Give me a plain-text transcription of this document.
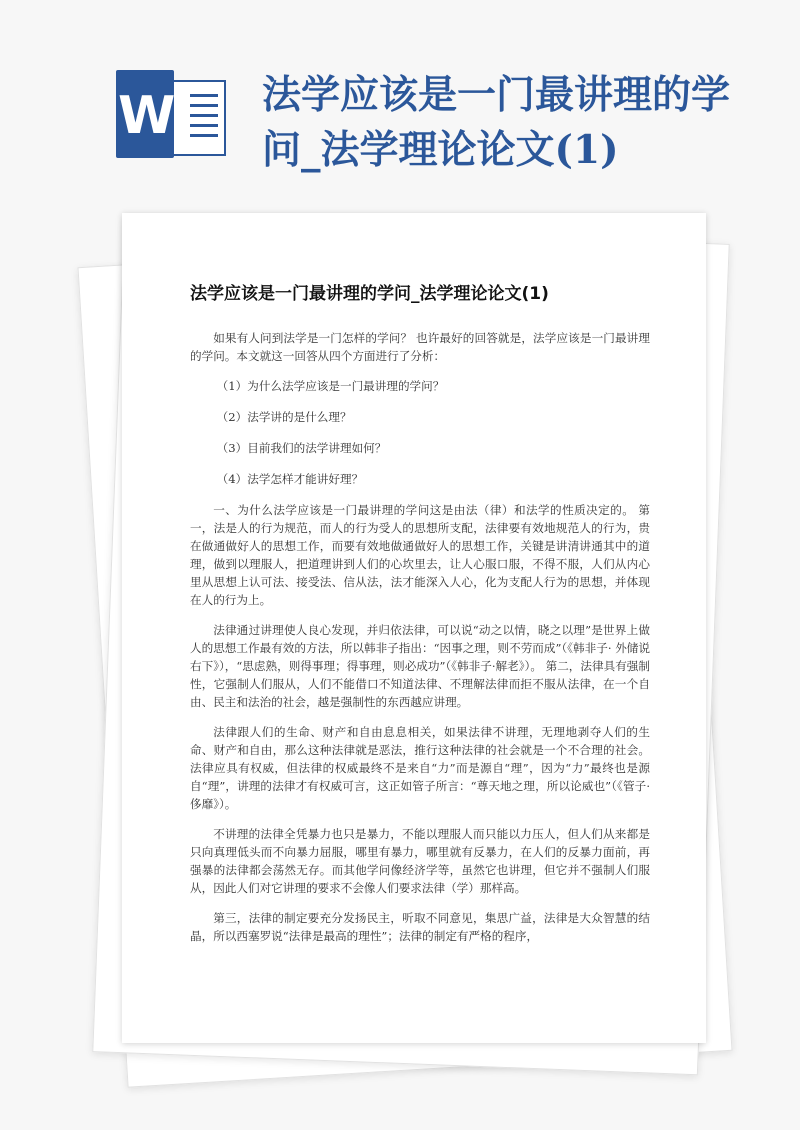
W 法学应该是一门最讲理的学问_法学理论论文(1)
法学应该是一门最讲理的学问_法学理论论文(1)

如果有人问到法学是一门怎样的学问？ 也许最好的回答就是，法学应该是一门最讲理的学问。本文就这一回答从四个方面进行了分析：

（1）为什么法学应该是一门最讲理的学问？

（2）法学讲的是什么理？

（3）目前我们的法学讲理如何？

（4）法学怎样才能讲好理？

一、为什么法学应该是一门最讲理的学问这是由法（律）和法学的性质决定的。 第一，法是人的行为规范，而人的行为受人的思想所支配，法律要有效地规范人的行为，贵在做通做好人的思想工作，而要有效地做通做好人的思想工作，关键是讲清讲通其中的道理，做到以理服人，把道理讲到人们的心坎里去，让人心服口服，不得不服，人们从内心里从思想上认可法、接受法、信从法，法才能深入人心，化为支配人行为的思想，并体现在人的行为上。

法律通过讲理使人良心发现，并归依法律，可以说“动之以情，晓之以理”是世界上做人的思想工作最有效的方法，所以韩非子指出：“因事之理，则不劳而成”（《韩非子· 外储说右下》），“思虑熟，则得事理；得事理，则必成功”（《韩非子·解老》）。 第二，法律具有强制性，它强制人们服从，人们不能借口不知道法律、不理解法律而拒不服从法律，在一个自由、民主和法治的社会，越是强制性的东西越应讲理。

法律跟人们的生命、财产和自由息息相关，如果法律不讲理，无理地剥夺人们的生命、财产和自由，那么这种法律就是恶法，推行这种法律的社会就是一个不合理的社会。法律应具有权威，但法律的权威最终不是来自“力”而是源自“理”，因为“力”最终也是源自“理”，讲理的法律才有权威可言，这正如管子所言：“尊天地之理，所以论威也”（《管子·侈靡》）。

不讲理的法律全凭暴力也只是暴力，不能以理服人而只能以力压人，但人们从来都是只向真理低头而不向暴力屈服，哪里有暴力，哪里就有反暴力，在人们的反暴力面前，再强暴的法律都会荡然无存。而其他学问像经济学等，虽然它也讲理，但它并不强制人们服从，因此人们对它讲理的要求不会像人们要求法律（学）那样高。

第三，法律的制定要充分发扬民主，听取不同意见，集思广益，法律是大众智慧的结晶，所以西塞罗说“法律是最高的理性”；法律的制定有严格的程序，
